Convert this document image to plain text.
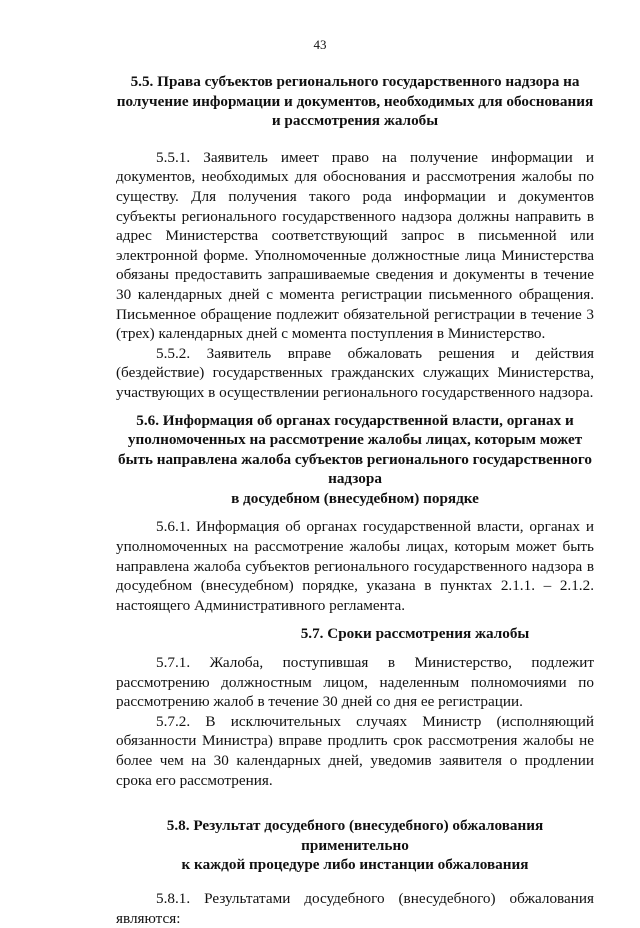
43

5.5. Права субъектов регионального государственного надзора на получение информации и документов, необходимых для обоснования и рассмотрения жалобы

5.5.1. Заявитель имеет право на получение информации и документов, необходимых для обоснования и рассмотрения жалобы по существу. Для получения такого рода информации и документов субъекты регионального государственного надзора должны направить в адрес Министерства соответствующий запрос в письменной или электронной форме. Уполномоченные должностные лица Министерства обязаны предоставить запрашиваемые сведения и документы в течение 30 календарных дней с момента регистрации письменного обращения. Письменное обращение подлежит обязательной регистрации в течение 3 (трех) календарных дней с момента поступления в Министерство.

5.5.2. Заявитель вправе обжаловать решения и действия (бездействие) государственных гражданских служащих Министерства, участвующих в осуществлении регионального государственного надзора.

5.6. Информация об органах государственной власти, органах и уполномоченных на рассмотрение жалобы лицах, которым может быть направлена жалоба субъектов регионального государственного надзора

в досудебном (внесудебном) порядке

5.6.1. Информация об органах государственной власти, органах и уполномоченных на рассмотрение жалобы лицах, которым может быть направлена жалоба субъектов регионального государственного надзора в досудебном (внесудебном) порядке, указана в пунктах 2.1.1. – 2.1.2. настоящего Административного регламента.

5.7. Сроки рассмотрения жалобы

5.7.1. Жалоба, поступившая в Министерство, подлежит рассмотрению должностным лицом, наделенным полномочиями по рассмотрению жалоб в течение 30 дней со дня ее регистрации.

5.7.2. В исключительных случаях Министр (исполняющий обязанности Министра) вправе продлить срок рассмотрения жалобы не более чем на 30 календарных дней, уведомив заявителя о продлении срока его рассмотрения.

5.8. Результат досудебного (внесудебного) обжалования применительно

к каждой процедуре либо инстанции обжалования

5.8.1. Результатами досудебного (внесудебного) обжалования являются:
